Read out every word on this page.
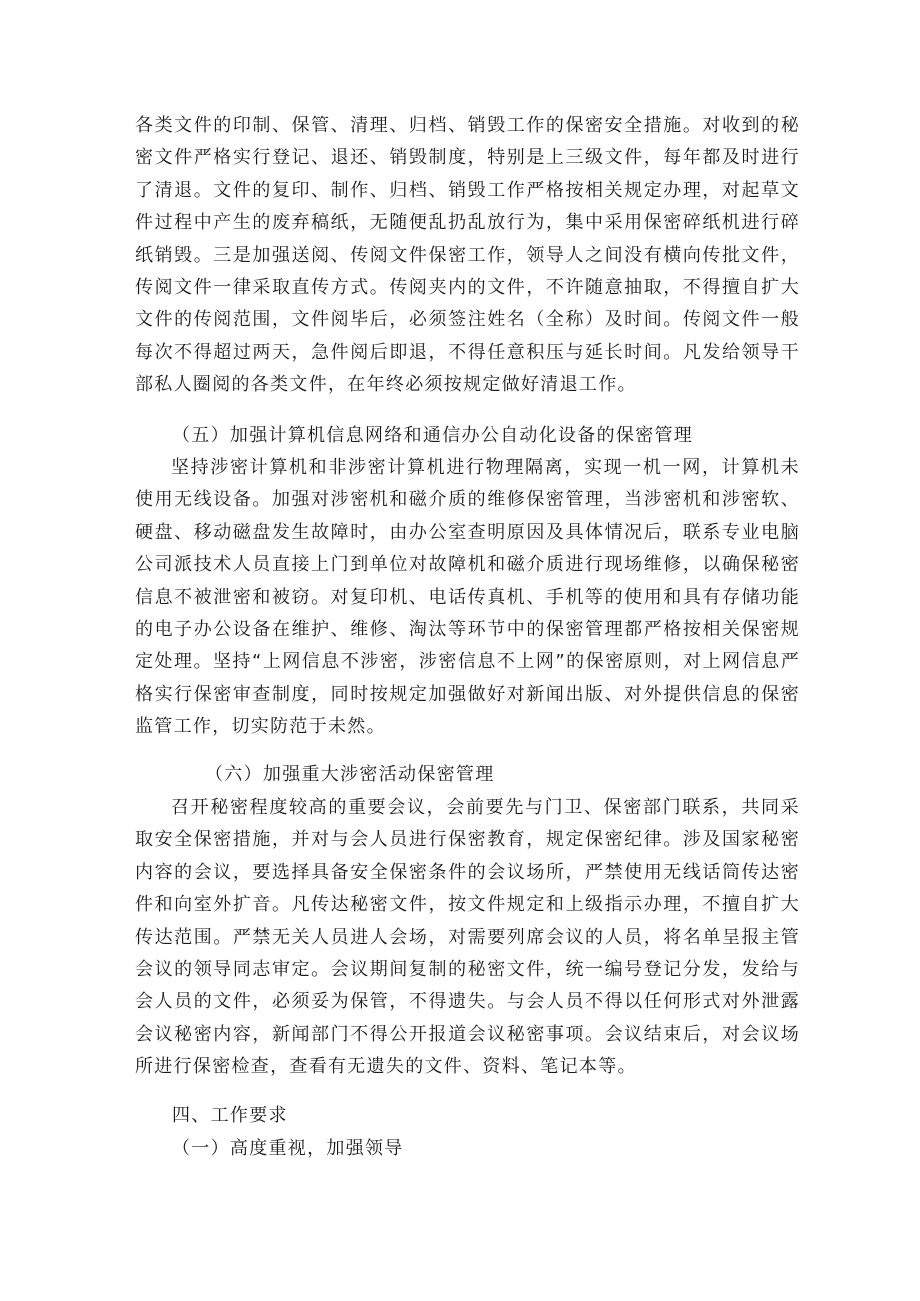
各类文件的印制、保管、清理、归档、销毁工作的保密安全措施。对收到的秘密文件严格实行登记、退还、销毁制度，特别是上三级文件，每年都及时进行了清退。文件的复印、制作、归档、销毁工作严格按相关规定办理，对起草文件过程中产生的废弃稿纸，无随便乱扔乱放行为，集中采用保密碎纸机进行碎纸销毁。三是加强送阅、传阅文件保密工作，领导人之间没有横向传批文件，传阅文件一律采取直传方式。传阅夹内的文件，不许随意抽取，不得擅自扩大文件的传阅范围，文件阅毕后，必须签注姓名（全称）及时间。传阅文件一般每次不得超过两天，急件阅后即退，不得任意积压与延长时间。凡发给领导干部私人圈阅的各类文件，在年终必须按规定做好清退工作。

（五）加强计算机信息网络和通信办公自动化设备的保密管理

坚持涉密计算机和非涉密计算机进行物理隔离，实现一机一网，计算机未使用无线设备。加强对涉密机和磁介质的维修保密管理，当涉密机和涉密软、硬盘、移动磁盘发生故障时，由办公室查明原因及具体情况后，联系专业电脑公司派技术人员直接上门到单位对故障机和磁介质进行现场维修，以确保秘密信息不被泄密和被窃。对复印机、电话传真机、手机等的使用和具有存储功能的电子办公设备在维护、维修、淘汰等环节中的保密管理都严格按相关保密规定处理。坚持“上网信息不涉密，涉密信息不上网”的保密原则，对上网信息严格实行保密审查制度，同时按规定加强做好对新闻出版、对外提供信息的保密监管工作，切实防范于未然。

（六）加强重大涉密活动保密管理

召开秘密程度较高的重要会议，会前要先与门卫、保密部门联系，共同采取安全保密措施，并对与会人员进行保密教育，规定保密纪律。涉及国家秘密内容的会议，要选择具备安全保密条件的会议场所，严禁使用无线话筒传达密件和向室外扩音。凡传达秘密文件，按文件规定和上级指示办理，不擅自扩大传达范围。严禁无关人员进人会场，对需要列席会议的人员，将名单呈报主管会议的领导同志审定。会议期间复制的秘密文件，统一编号登记分发，发给与会人员的文件，必须妥为保管，不得遗失。与会人员不得以任何形式对外泄露会议秘密内容，新闻部门不得公开报道会议秘密事项。会议结束后，对会议场所进行保密检查，查看有无遗失的文件、资料、笔记本等。

四、工作要求

（一）高度重视，加强领导
